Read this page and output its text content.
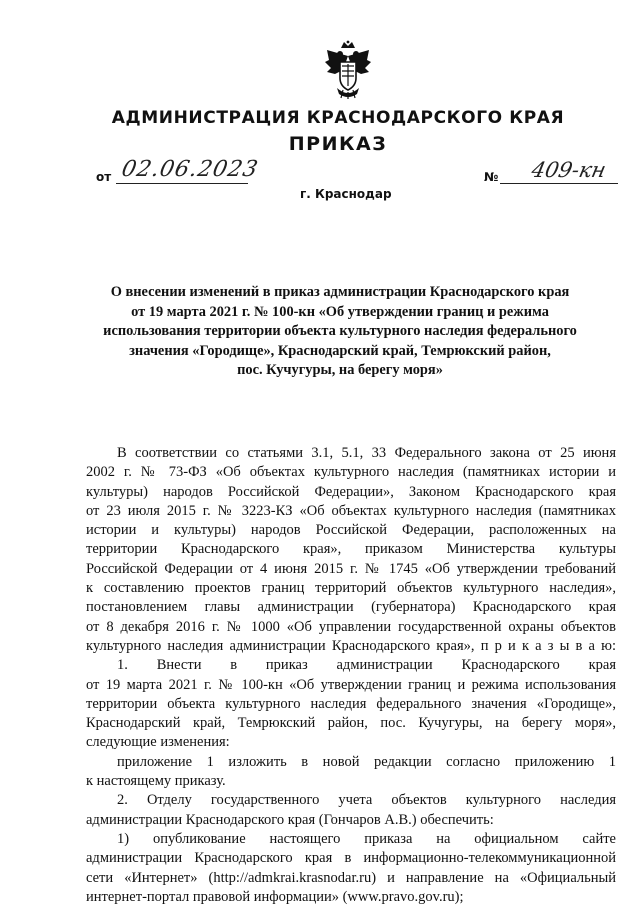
АДМИНИСТРАЦИЯ КРАСНОДАРСКОГО КРАЯ
ПРИКАЗ
от 02.06.2023
г. Краснодар
№ 409-кн
О внесении изменений в приказ администрации Краснодарского края
от 19 марта 2021 г. № 100-кн «Об утверждении границ и режима
использования территории объекта культурного наследия федерального
значения «Городище», Краснодарский край, Темрюкский район,
пос. Кучугуры, на берегу моря»
В соответствии со статьями 3.1, 5.1, 33 Федерального закона от 25 июня
2002 г. № 73-ФЗ «Об объектах культурного наследия (памятниках истории и
культуры) народов Российской Федерации», Законом Краснодарского края
от 23 июля 2015 г. № 3223-КЗ «Об объектах культурного наследия (памятниках
истории и культуры) народов Российской Федерации, расположенных на
территории Краснодарского края», приказом Министерства культуры
Российской Федерации от 4 июня 2015 г. № 1745 «Об утверждении требований
к составлению проектов границ территорий объектов культурного наследия»,
постановлением главы администрации (губернатора) Краснодарского края
от 8 декабря 2016 г. № 1000 «Об управлении государственной охраны объектов
культурного наследия администрации Краснодарского края», п р и к а з ы в а ю:
1. Внести в приказ администрации Краснодарского края
от 19 марта 2021 г. № 100-кн «Об утверждении границ и режима использования
территории объекта культурного наследия федерального значения «Городище»,
Краснодарский край, Темрюкский район, пос. Кучугуры, на берегу моря»,
следующие изменения:
приложение 1 изложить в новой редакции согласно приложению 1
к настоящему приказу.
2. Отделу государственного учета объектов культурного наследия
администрации Краснодарского края (Гончаров А.В.) обеспечить:
1) опубликование настоящего приказа на официальном сайте
администрации Краснодарского края в информационно-телекоммуникационной
сети «Интернет» (http://admkrai.krasnodar.ru) и направление на «Официальный
интернет-портал правовой информации» (www.pravo.gov.ru);
